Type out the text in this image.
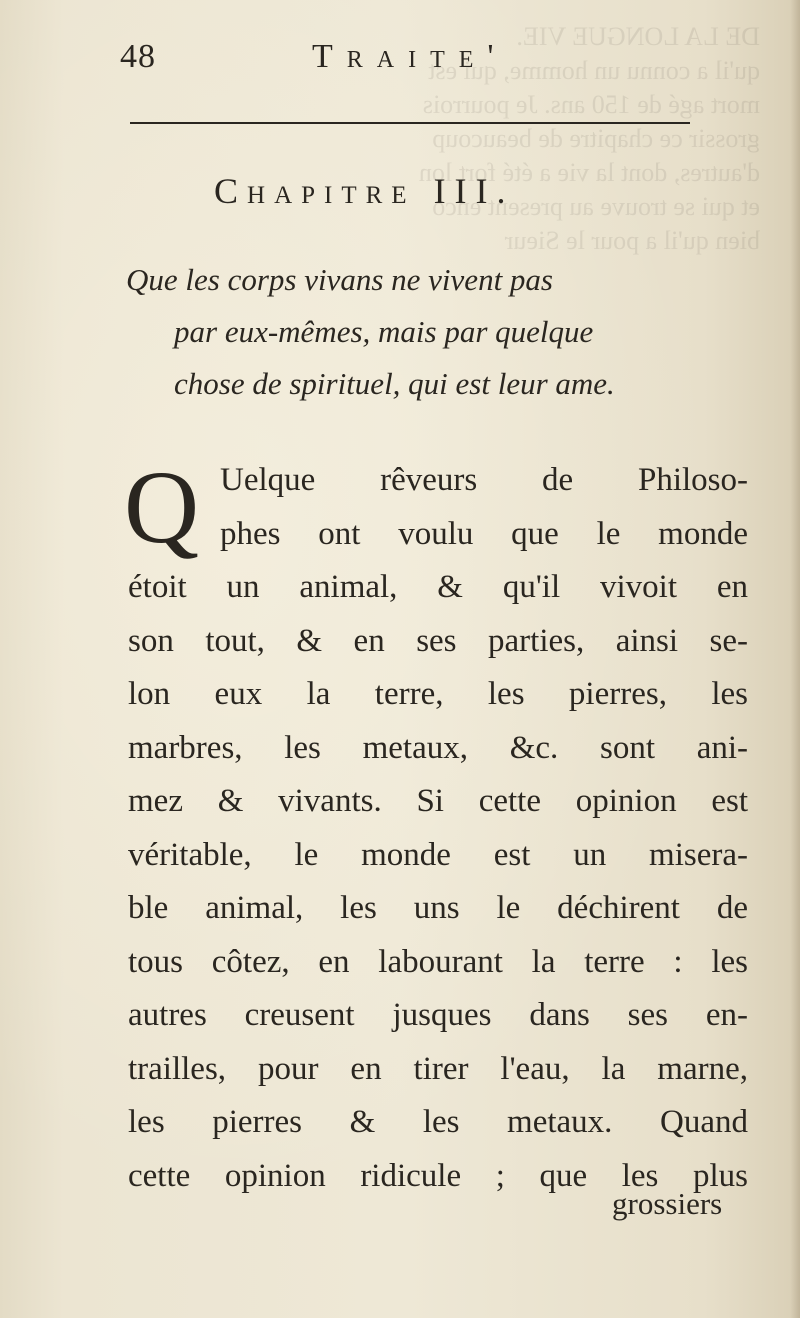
DE LA LONGUE VIE.
qu'il a connu un homme, qui est
mort agé de 150 ans. Je pourrois
grossir ce chapitre de beaucoup
d'autres, dont la vie a été fort lon
et qui se trouve au present enco
bien qu'il a pour le Sieur
48	Traite'
Chapitre III.
Que les corps vivans ne vivent pas
par eux-mêmes, mais par quelque
chose de spirituel, qui est leur ame.
Q Uelque rêveurs de Philoso-
phes ont voulu que le monde
étoit un animal, & qu'il vivoit en
son tout, & en ses parties, ainsi se-
lon eux la terre, les pierres, les
marbres, les metaux, &c. sont ani-
mez & vivants. Si cette opinion est
véritable, le monde est un misera-
ble animal, les uns le déchirent de
tous côtez, en labourant la terre : les
autres creusent jusques dans ses en-
trailles, pour en tirer l'eau, la marne,
les pierres & les metaux. Quand
cette opinion ridicule ; que les plus
grossiers
